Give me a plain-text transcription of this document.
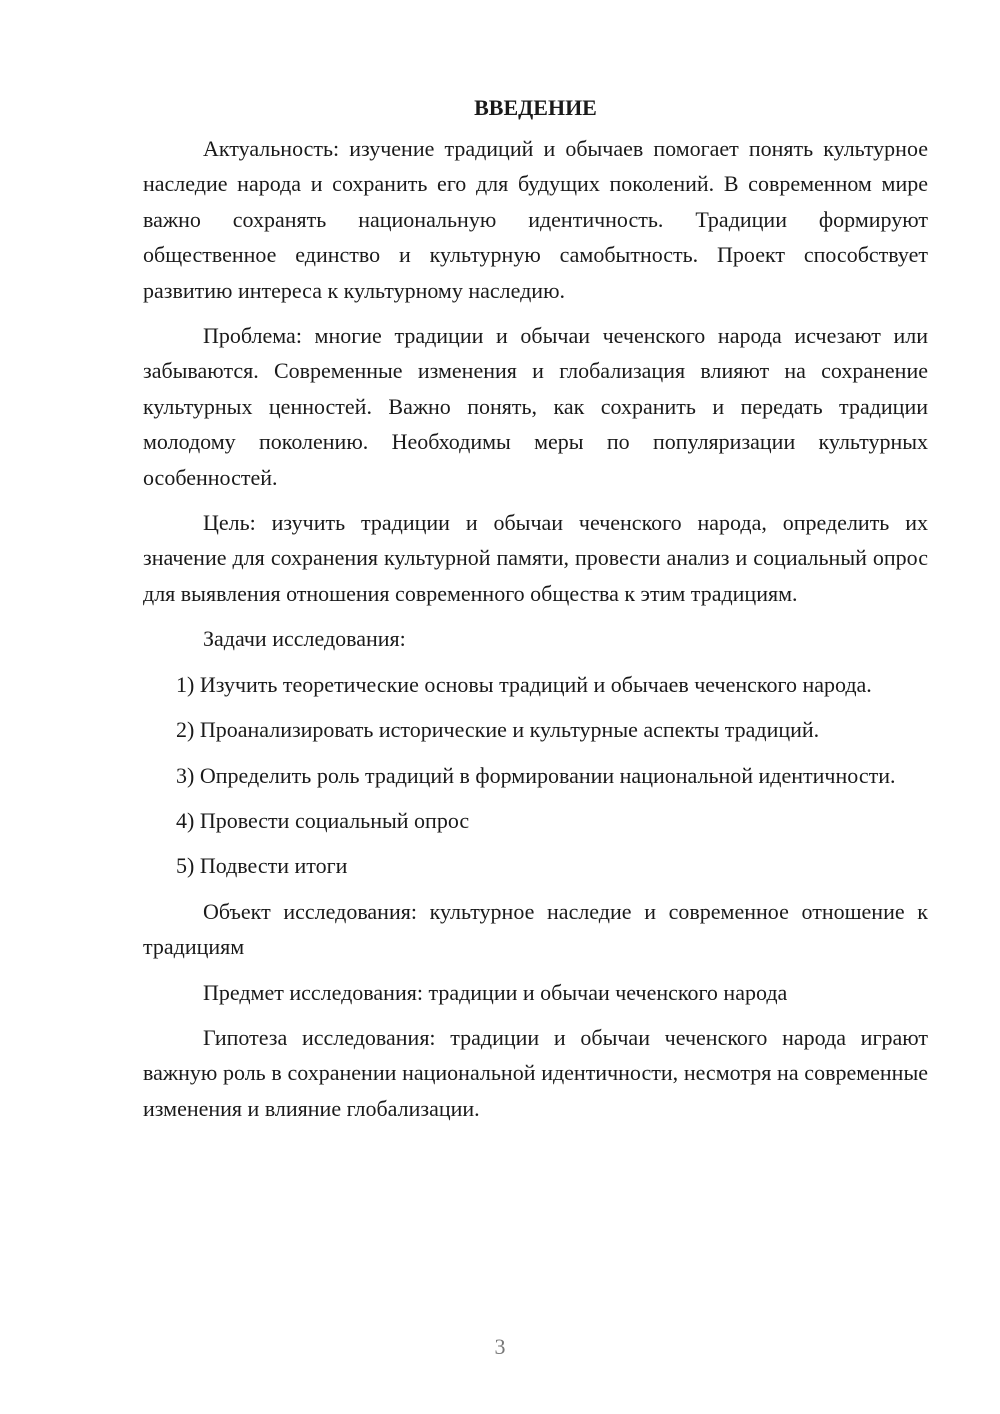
ВВЕДЕНИЕ

Актуальность: изучение традиций и обычаев помогает понять культурное наследие народа и сохранить его для будущих поколений. В современном мире важно сохранять национальную идентичность. Традиции формируют общественное единство и культурную самобытность. Проект способствует развитию интереса к культурному наследию.

Проблема: многие традиции и обычаи чеченского народа исчезают или забываются. Современные изменения и глобализация влияют на сохранение культурных ценностей. Важно понять, как сохранить и передать традиции молодому поколению. Необходимы меры по популяризации культурных особенностей.

Цель: изучить традиции и обычаи чеченского народа, определить их значение для сохранения культурной памяти, провести анализ и социальный опрос для выявления отношения современного общества к этим традициям.

Задачи исследования:

1) Изучить теоретические основы традиций и обычаев чеченского народа.

2) Проанализировать исторические и культурные аспекты традиций.

3) Определить роль традиций в формировании национальной идентичности.

4) Провести социальный опрос

5) Подвести итоги

Объект исследования: культурное наследие и современное отношение к традициям

Предмет исследования: традиции и обычаи чеченского народа

Гипотеза исследования: традиции и обычаи чеченского народа играют важную роль в сохранении национальной идентичности, несмотря на современные изменения и влияние глобализации.

3
